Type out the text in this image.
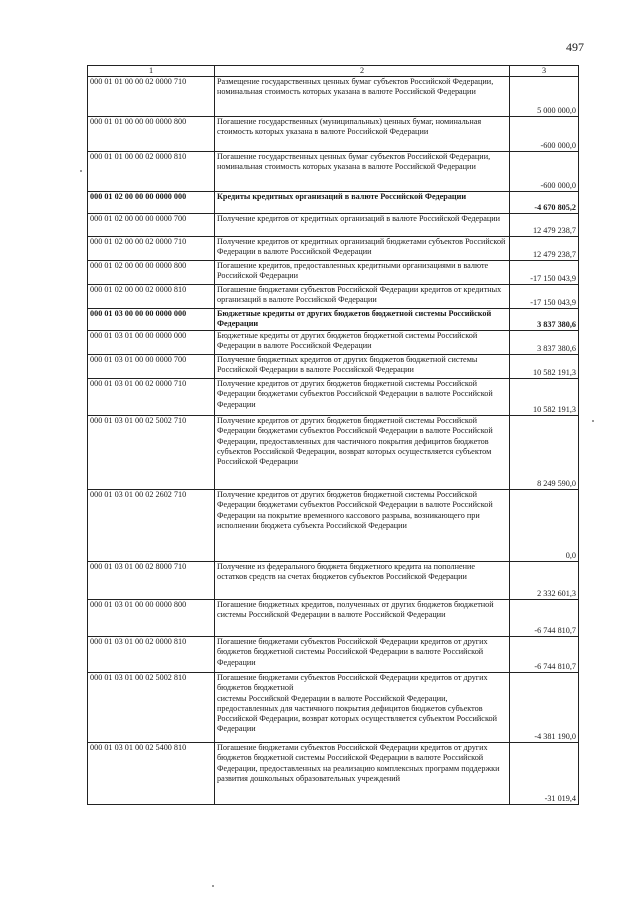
497
1	2	3
000 01 01 00 00 02 0000 710	Размещение государственных ценных бумаг субъектов Российской Федерации, номинальная стоимость которых указана в валюте Российской Федерации	5 000 000,0
000 01 01 00 00 00 0000 800	Погашение государственных (муниципальных) ценных бумаг, номинальная стоимость которых указана в валюте Российской Федерации	-600 000,0
000 01 01 00 00 02 0000 810	Погашение государственных ценных бумаг субъектов Российской Федерации, номинальная стоимость которых указана в валюте Российской Федерации	-600 000,0
000 01 02 00 00 00 0000 000	Кредиты кредитных организаций в валюте Российской Федерации	-4 670 805,2
000 01 02 00 00 00 0000 700	Получение кредитов от кредитных организаций в валюте Российской Федерации	12 479 238,7
000 01 02 00 00 02 0000 710	Получение кредитов от кредитных организаций бюджетами субъектов Российской Федерации в валюте Российской Федерации	12 479 238,7
000 01 02 00 00 00 0000 800	Погашение кредитов, предоставленных кредитными организациями в валюте Российской Федерации	-17 150 043,9
000 01 02 00 00 02 0000 810	Погашение бюджетами субъектов Российской Федерации кредитов от кредитных организаций в валюте Российской Федерации	-17 150 043,9
000 01 03 00 00 00 0000 000	Бюджетные кредиты от других бюджетов бюджетной системы Российской Федерации	3 837 380,6
000 01 03 01 00 00 0000 000	Бюджетные кредиты от других бюджетов бюджетной системы Российской Федерации в валюте Российской Федерации	3 837 380,6
000 01 03 01 00 00 0000 700	Получение бюджетных кредитов от других бюджетов бюджетной системы Российской Федерации в валюте Российской Федерации	10 582 191,3
000 01 03 01 00 02 0000 710	Получение кредитов от других бюджетов бюджетной системы Российской Федерации бюджетами субъектов Российской Федерации в валюте Российской Федерации	10 582 191,3
000 01 03 01 00 02 5002 710	Получение кредитов от других бюджетов бюджетной системы Российской Федерации бюджетами субъектов Российской Федерации в валюте Российской Федерации, предоставленных для частичного покрытия дефицитов бюджетов субъектов Российской Федерации, возврат которых осуществляется субъектом Российской Федерации	8 249 590,0
000 01 03 01 00 02 2602 710	Получение кредитов от других бюджетов бюджетной системы Российской Федерации бюджетами субъектов Российской Федерации в валюте Российской Федерации на покрытие временного кассового разрыва, возникающего при исполнении бюджета субъекта Российской Федерации	0,0
000 01 03 01 00 02 8000 710	Получение из федерального бюджета бюджетного кредита на пополнение остатков средств на счетах бюджетов субъектов Российской Федерации	2 332 601,3
000 01 03 01 00 00 0000 800	Погашение бюджетных кредитов, полученных от других бюджетов бюджетной системы Российской Федерации в валюте Российской Федерации	-6 744 810,7
000 01 03 01 00 02 0000 810	Погашение бюджетами субъектов Российской Федерации кредитов от других бюджетов бюджетной системы Российской Федерации в валюте Российской Федерации	-6 744 810,7
000 01 03 01 00 02 5002 810	Погашение бюджетами субъектов Российской Федерации кредитов от других бюджетов бюджетной
системы Российской Федерации в валюте Российской Федерации, предоставленных для частичного покрытия дефицитов бюджетов субъектов Российской Федерации, возврат которых осуществляется субъектом Российской Федерации	-4 381 190,0
000 01 03 01 00 02 5400 810	Погашение бюджетами субъектов Российской Федерации кредитов от других бюджетов бюджетной системы Российской Федерации в валюте Российской Федерации, предоставленных на реализацию комплексных программ поддержки развития дошкольных образовательных учреждений	-31 019,4
